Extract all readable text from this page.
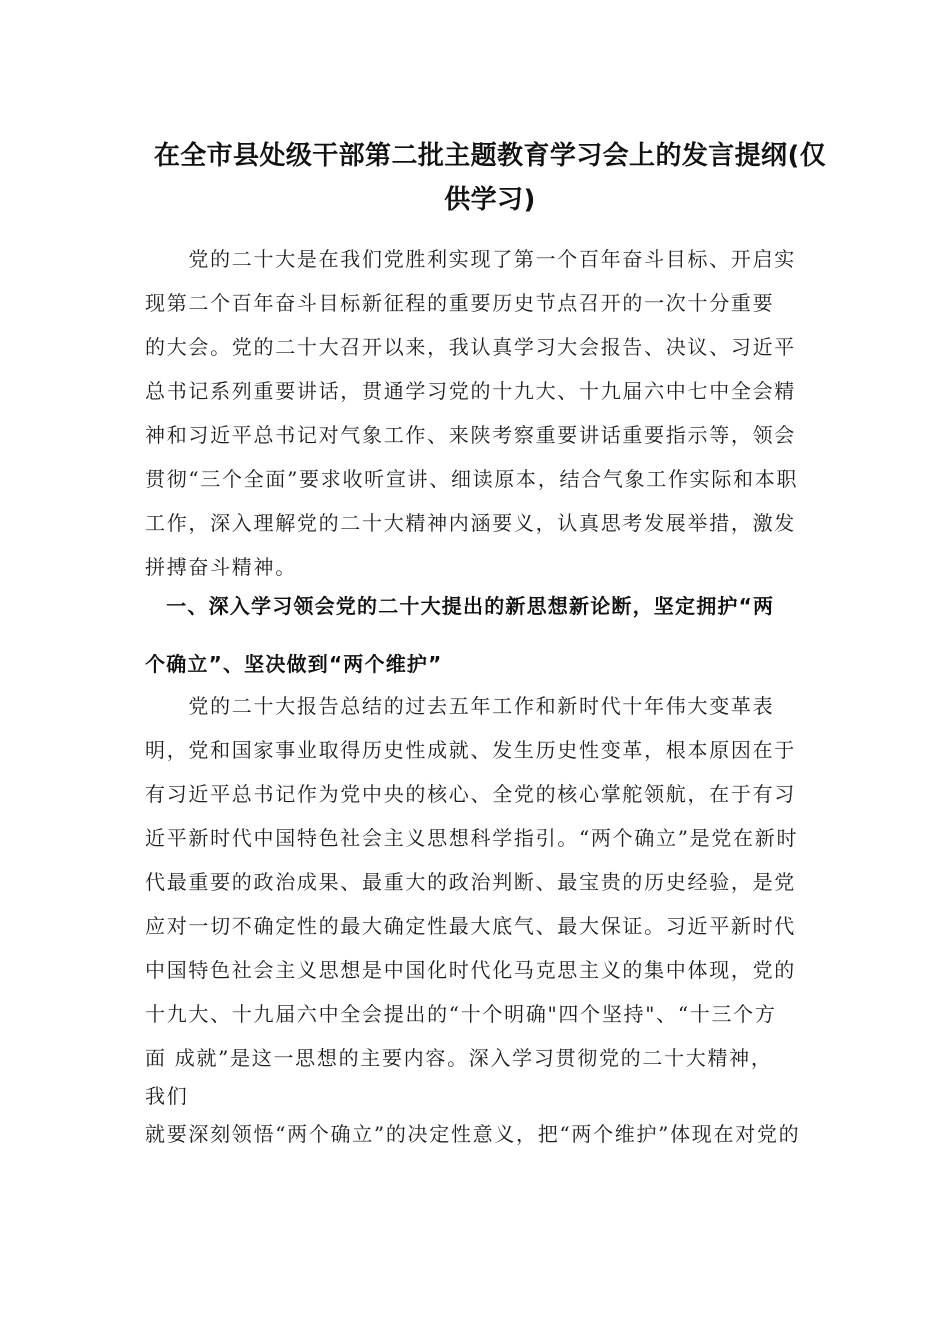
在全市县处级干部第二批主题教育学习会上的发言提纲(仅
供学习)
　　党的二十大是在我们党胜利实现了第一个百年奋斗目标、开启实
现第二个百年奋斗目标新征程的重要历史节点召开的一次十分重要
的大会。党的二十大召开以来，我认真学习大会报告、决议、习近平
总书记系列重要讲话，贯通学习党的十九大、十九届六中七中全会精
神和习近平总书记对气象工作、来陕考察重要讲话重要指示等，领会
贯彻“三个全面”要求收听宣讲、细读原本，结合气象工作实际和本职
工作，深入理解党的二十大精神内涵要义，认真思考发展举措，激发
拼搏奋斗精神。
　一、深入学习领会党的二十大提出的新思想新论断，坚定拥护“两
个确立”、坚决做到“两个维护”
　　党的二十大报告总结的过去五年工作和新时代十年伟大变革表
明，党和国家事业取得历史性成就、发生历史性变革，根本原因在于
有习近平总书记作为党中央的核心、全党的核心掌舵领航，在于有习
近平新时代中国特色社会主义思想科学指引。“两个确立”是党在新时
代最重要的政治成果、最重大的政治判断、最宝贵的历史经验，是党
应对一切不确定性的最大确定性最大底气、最大保证。习近平新时代
中国特色社会主义思想是中国化时代化马克思主义的集中体现，党的
十九大、十九届六中全会提出的“十个明确"四个坚持"、“十三个方
面 成就”是这一思想的主要内容。深入学习贯彻党的二十大精神，
我们
就要深刻领悟“两个确立”的决定性意义，把“两个维护”体现在对党的
